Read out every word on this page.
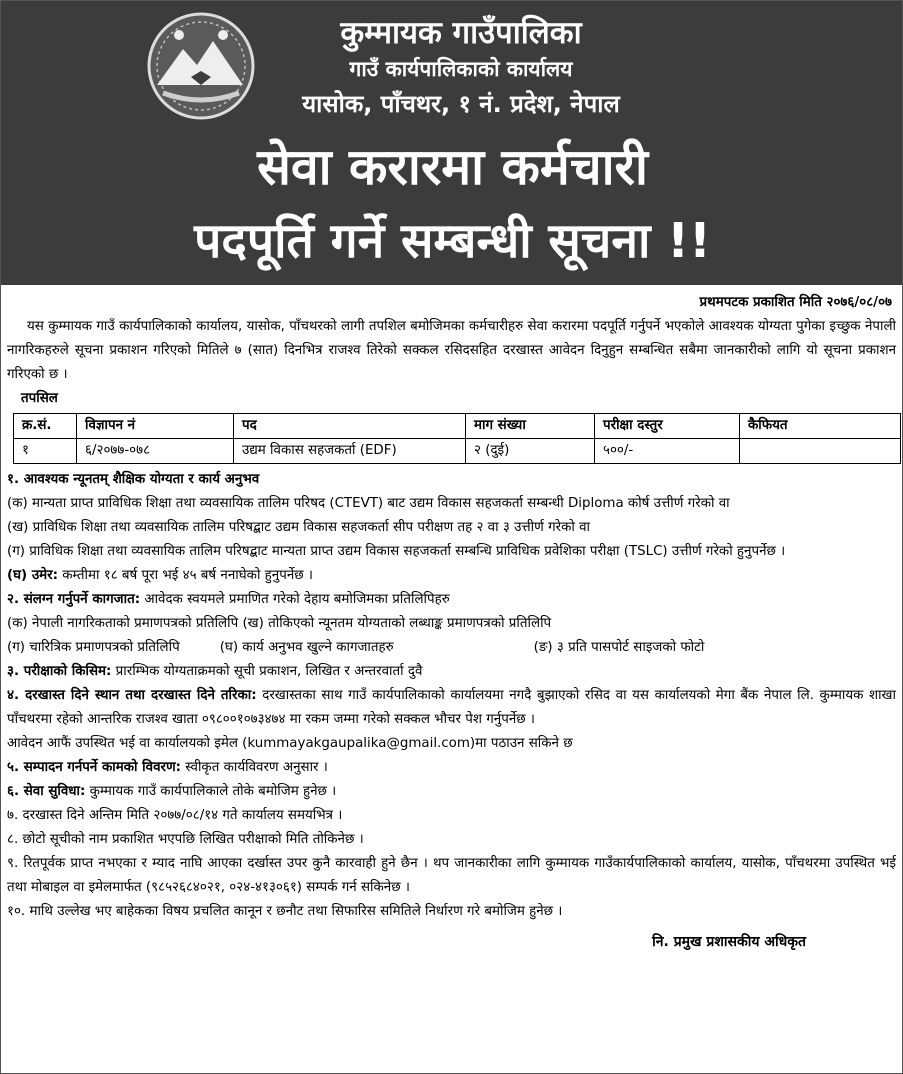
कुम्मायक गाउँपालिका
गाउँ कार्यपालिकाको कार्यालय
यासोक, पाँचथर, १ नं. प्रदेश, नेपाल
सेवा करारमा कर्मचारी
पदपूर्ति गर्ने सम्बन्धी सूचना !!
प्रथमपटक प्रकाशित मिति २०७६/०८/०७
यस कुम्मायक गाउँ कार्यपालिकाको कार्यालय, यासोक, पाँचथरको लागी तपशिल बमोजिमका कर्मचारीहरु सेवा करारमा पदपूर्ति गर्नुपर्ने भएकोले आवश्यक योग्यता पुगेका इच्छुक नेपाली नागरिकहरुले सूचना प्रकाशन गरिएको मितिले ७ (सात) दिनभित्र राजश्व तिरेको सक्कल रसिदसहित दरखास्त आवेदन दिनुहुन सम्बन्धित सबैमा जानकारीको लागि यो सूचना प्रकाशन गरिएको छ ।
तपसिल
क्र.सं.	विज्ञापन नं	पद	माग संख्या	परीक्षा दस्तुर	कैफियत
१	६/२०७७-०७८	उद्यम विकास सहजकर्ता (EDF)	२ (दुई)	५००/-	
१. आवश्यक न्यूनतम् शैक्षिक योग्यता र कार्य अनुभव
(क) मान्यता प्राप्त प्राविधिक शिक्षा तथा व्यवसायिक तालिम परिषद (CTEVT) बाट उद्यम विकास सहजकर्ता सम्बन्धी Diploma कोर्ष उत्तीर्ण गरेको वा
(ख) प्राविधिक शिक्षा तथा व्यवसायिक तालिम परिषद्बाट उद्यम विकास सहजकर्ता सीप परीक्षण तह २ वा ३ उत्तीर्ण गरेको वा
(ग) प्राविधिक शिक्षा तथा व्यवसायिक तालिम परिषद्बाट मान्यता प्राप्त उद्यम विकास सहजकर्ता सम्बन्धि प्राविधिक प्रवेशिका परीक्षा (TSLC) उत्तीर्ण गरेको हुनुपर्नेछ ।
(घ) उमेर: कम्तीमा १८ बर्ष पूरा भई ४५ बर्ष ननाघेको हुनुपर्नेछ ।
२. संलग्न गर्नुपर्ने कागजात: आवेदक स्वयमले प्रमाणित गरेको देहाय बमोजिमका प्रतिलिपिहरु
(क) नेपाली नागरिकताको प्रमाणपत्रको प्रतिलिपि (ख) तोकिएको न्यूनतम योग्यताको लब्धाङ्क प्रमाणपत्रको प्रतिलिपि
(ग) चारित्रिक प्रमाणपत्रको प्रतिलिपि	(घ) कार्य अनुभव खुल्ने कागजातहरु	(ङ) ३ प्रति पासपोर्ट साइजको फोटो
३. परीक्षाको किसिम: प्रारम्भिक योग्यताक्रमको सूची प्रकाशन, लिखित र अन्तरवार्ता दुवै
४. दरखास्त दिने स्थान तथा दरखास्त दिने तरिका: दरखास्तका साथ गाउँ कार्यपालिकाको कार्यालयमा नगदै बुझाएको रसिद वा यस कार्यालयको मेगा बैंक नेपाल लि. कुम्मायक शाखा पाँचथरमा रहेको आन्तरिक राजश्व खाता ०९८००१०७३४७४ मा रकम जम्मा गरेको सक्कल भौचर पेश गर्नुपर्नेछ ।
आवेदन आफैं उपस्थित भई वा कार्यालयको इमेल (kummayakgaupalika@gmail.com)मा पठाउन सकिने छ
५. सम्पादन गर्नपर्ने कामको विवरण: स्वीकृत कार्यविवरण अनुसार ।
६. सेवा सुविधा: कुम्मायक गाउँ कार्यपालिकाले तोके बमोजिम हुनेछ ।
७. दरखास्त दिने अन्तिम मिति २०७७/०८/१४ गते कार्यालय समयभित्र ।
८. छोटो सूचीको नाम प्रकाशित भएपछि लिखित परीक्षाको मिति तोकिनेछ ।
९. रितपूर्वक प्राप्त नभएका र म्याद नाघि आएका दर्खास्त उपर कुनै कारवाही हुने छैन । थप जानकारीका लागि कुम्मायक गाउँकार्यपालिकाको कार्यालय, यासोक, पाँचथरमा उपस्थित भई तथा मोबाइल वा इमेलमार्फत (९८५२६८४०२१, ०२४-४१३०६१) सम्पर्क गर्न सकिनेछ ।
१०. माथि उल्लेख भए बाहेकका विषय प्रचलित कानून र छनौट तथा सिफारिस समितिले निर्धारण गरे बमोजिम हुनेछ ।
नि. प्रमुख प्रशासकीय अधिकृत
